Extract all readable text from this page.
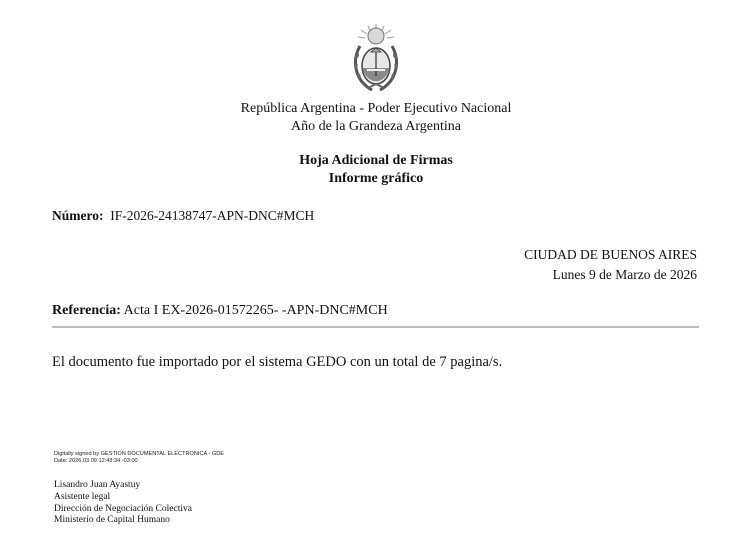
República Argentina - Poder Ejecutivo Nacional
Año de la Grandeza Argentina
Hoja Adicional de Firmas
Informe gráfico
Número: IF-2026-24138747-APN-DNC#MCH
CIUDAD DE BUENOS AIRES
Lunes 9 de Marzo de 2026
Referencia: Acta I EX-2026-01572265- -APN-DNC#MCH
El documento fue importado por el sistema GEDO con un total de 7 pagina/s.
Digitally signed by GESTION DOCUMENTAL ELECTRONICA - GDE
Date: 2026.03.09 12:43:34 -03:00
Lisandro Juan Ayastuy
Asistente legal
Dirección de Negociación Colectiva
Ministerio de Capital Humano
